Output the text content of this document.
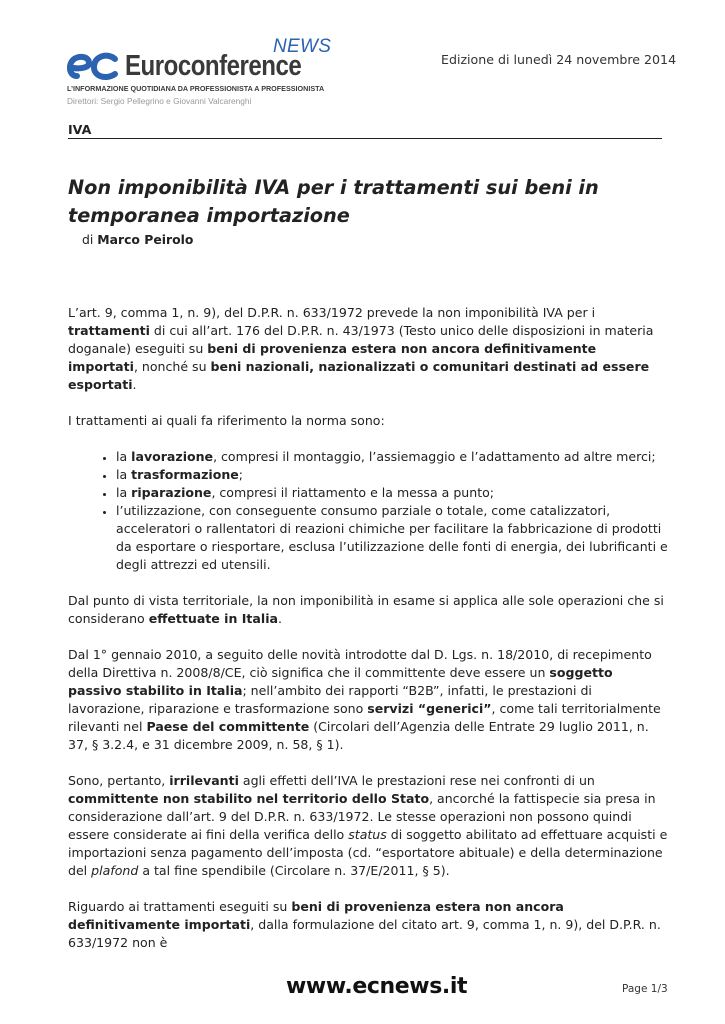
NEWS
Euroconference
L’INFORMAZIONE QUOTIDIANA DA PROFESSIONISTA A PROFESSIONISTA
Direttori: Sergio Pellegrino e Giovanni Valcarenghi
Edizione di lunedì 24 novembre 2014
IVA
Non imponibilità IVA per i trattamenti sui beni in temporanea importazione
di Marco Peirolo

L’art. 9, comma 1, n. 9), del D.P.R. n. 633/1972 prevede la non imponibilità IVA per i trattamenti di cui all’art. 176 del D.P.R. n. 43/1973 (Testo unico delle disposizioni in materia doganale) eseguiti su beni di provenienza estera non ancora definitivamente importati, nonché su beni nazionali, nazionalizzati o comunitari destinati ad essere esportati.

I trattamenti ai quali fa riferimento la norma sono:

• la lavorazione, compresi il montaggio, l’assiemaggio e l’adattamento ad altre merci;
• la trasformazione;
• la riparazione, compresi il riattamento e la messa a punto;
• l’utilizzazione, con conseguente consumo parziale o totale, come catalizzatori, acceleratori o rallentatori di reazioni chimiche per facilitare la fabbricazione di prodotti da esportare o riesportare, esclusa l’utilizzazione delle fonti di energia, dei lubrificanti e degli attrezzi ed utensili.

Dal punto di vista territoriale, la non imponibilità in esame si applica alle sole operazioni che si considerano effettuate in Italia.

Dal 1° gennaio 2010, a seguito delle novità introdotte dal D. Lgs. n. 18/2010, di recepimento della Direttiva n. 2008/8/CE, ciò significa che il committente deve essere un soggetto passivo stabilito in Italia; nell’ambito dei rapporti “B2B”, infatti, le prestazioni di lavorazione, riparazione e trasformazione sono servizi “generici”, come tali territorialmente rilevanti nel Paese del committente (Circolari dell’Agenzia delle Entrate 29 luglio 2011, n. 37, § 3.2.4, e 31 dicembre 2009, n. 58, § 1).

Sono, pertanto, irrilevanti agli effetti dell’IVA le prestazioni rese nei confronti di un committente non stabilito nel territorio dello Stato, ancorché la fattispecie sia presa in considerazione dall’art. 9 del D.P.R. n. 633/1972. Le stesse operazioni non possono quindi essere considerate ai fini della verifica dello status di soggetto abilitato ad effettuare acquisti e importazioni senza pagamento dell’imposta (cd. “esportatore abituale) e della determinazione del plafond a tal fine spendibile (Circolare n. 37/E/2011, § 5).

Riguardo ai trattamenti eseguiti su beni di provenienza estera non ancora definitivamente importati, dalla formulazione del citato art. 9, comma 1, n. 9), del D.P.R. n. 633/1972 non è

www.ecnews.it	Page 1/3
